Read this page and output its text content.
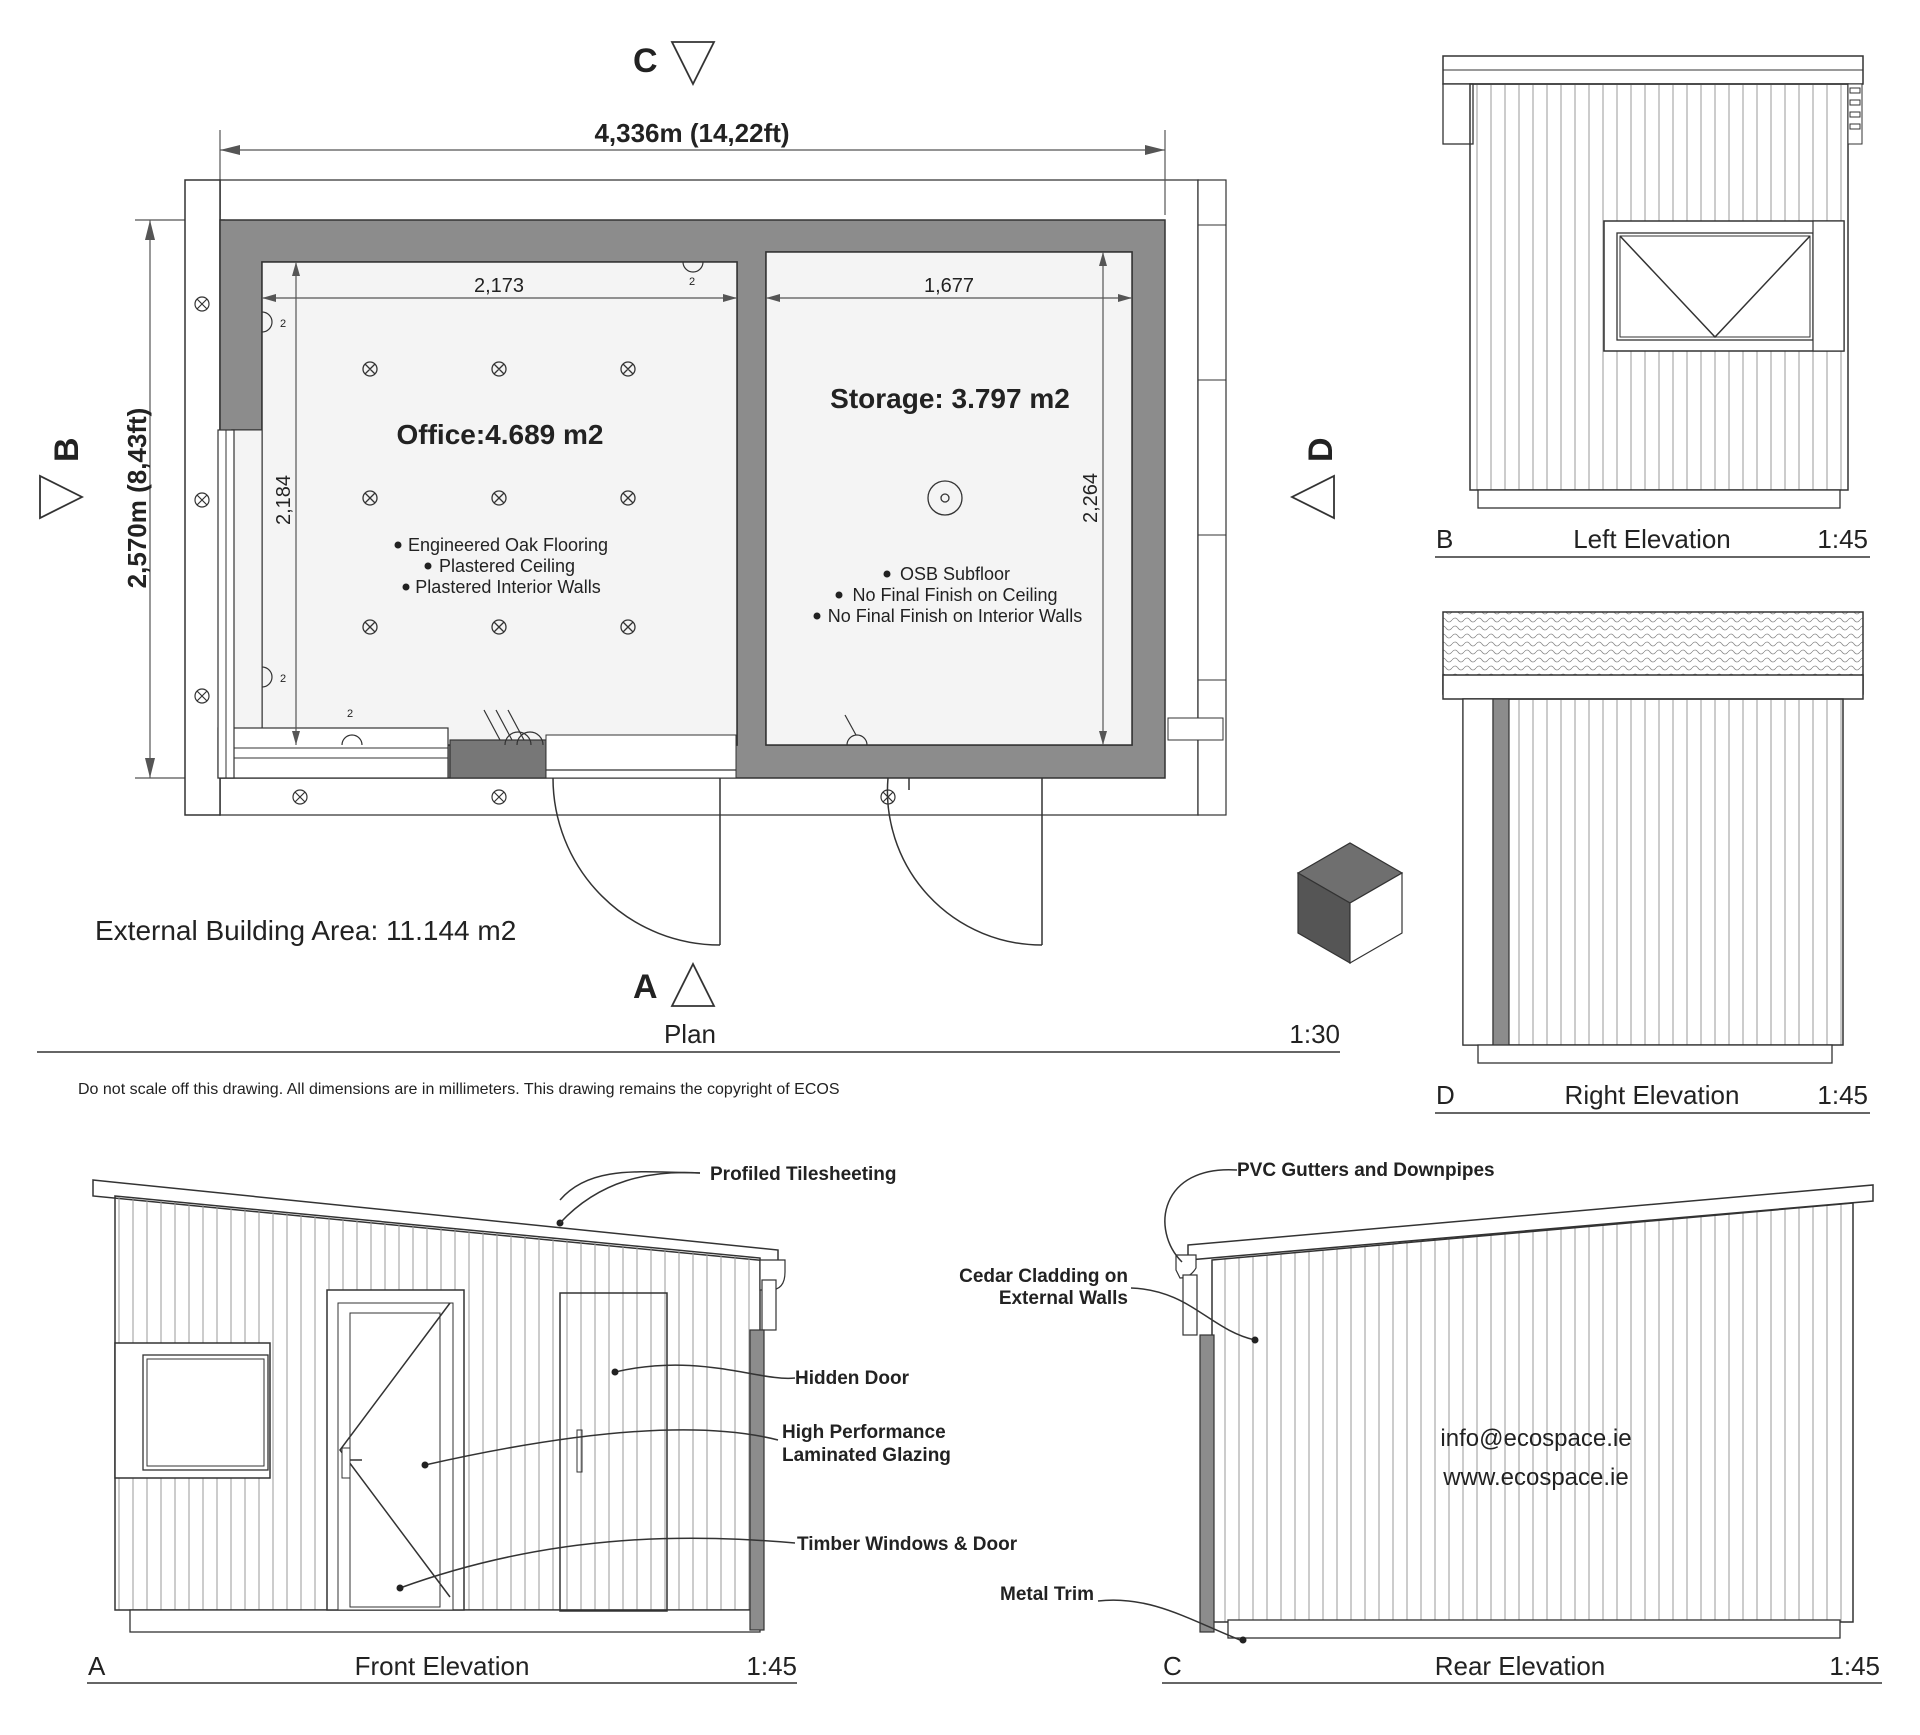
C
A
B	D
4,336m (14,22ft)
2,570m (8,43ft)
2,173	1,677
2,184	2,264
2
2
2
2
Office:4.689 m2
Engineered Oak Flooring
Plastered Ceiling
Plastered Interior Walls
Storage: 3.797 m2
OSB Subfloor
No Final Finish on Ceiling
No Final Finish on Interior Walls
External Building Area: 11.144 m2
Plan	1:30
Do not scale off this drawing. All dimensions are in millimeters. This drawing remains the copyright of ECOS
B	Left Elevation	1:45
D	Right Elevation	1:45
Profiled Tilesheeting
Hidden Door
High Performance
Laminated Glazing
Timber Windows & Door
A	Front Elevation	1:45
info@ecospace.ie
www.ecospace.ie
PVC Gutters and Downpipes
Cedar Cladding on
External Walls
Metal Trim
C	Rear Elevation	1:45
